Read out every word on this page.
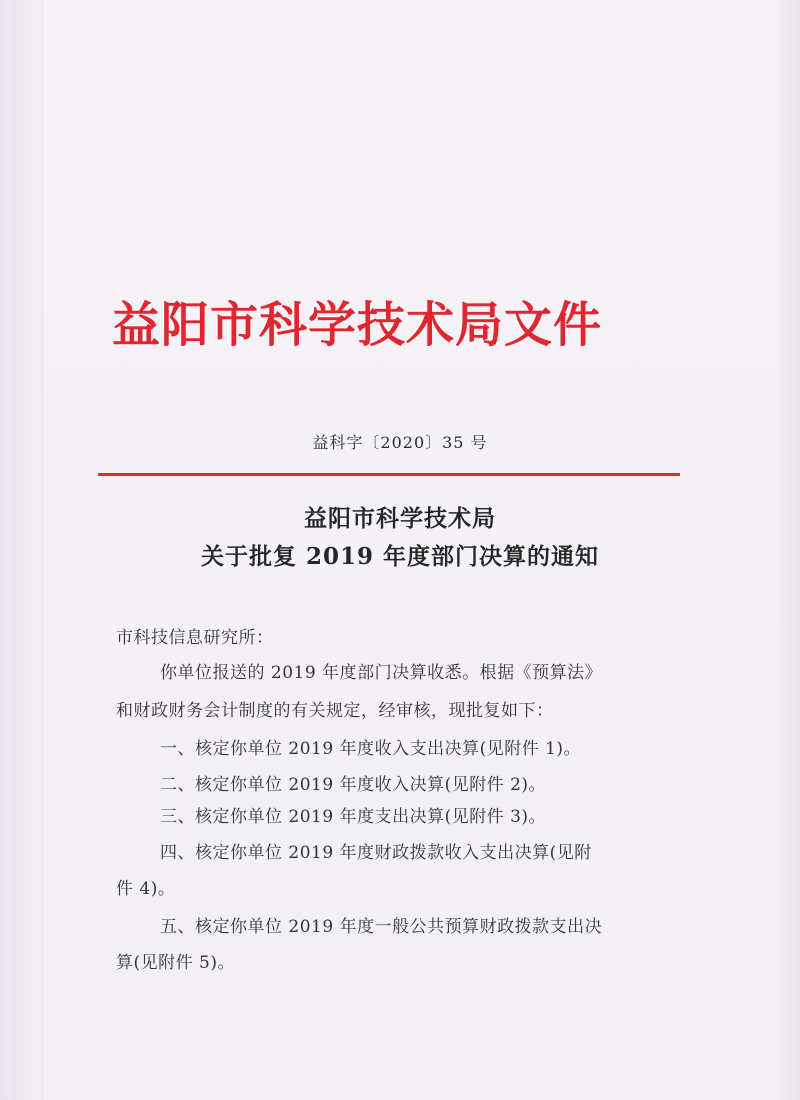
益阳市科学技术局文件
益科字〔2020〕35 号
益阳市科学技术局
关于批复 2019 年度部门决算的通知
市科技信息研究所：
你单位报送的 2019 年度部门决算收悉。根据《预算法》
和财政财务会计制度的有关规定，经审核，现批复如下：
一、核定你单位 2019 年度收入支出决算(见附件 1)。
二、核定你单位 2019 年度收入决算(见附件 2)。
三、核定你单位 2019 年度支出决算(见附件 3)。
四、核定你单位 2019 年度财政拨款收入支出决算(见附
件 4)。
五、核定你单位 2019 年度一般公共预算财政拨款支出决
算(见附件 5)。
